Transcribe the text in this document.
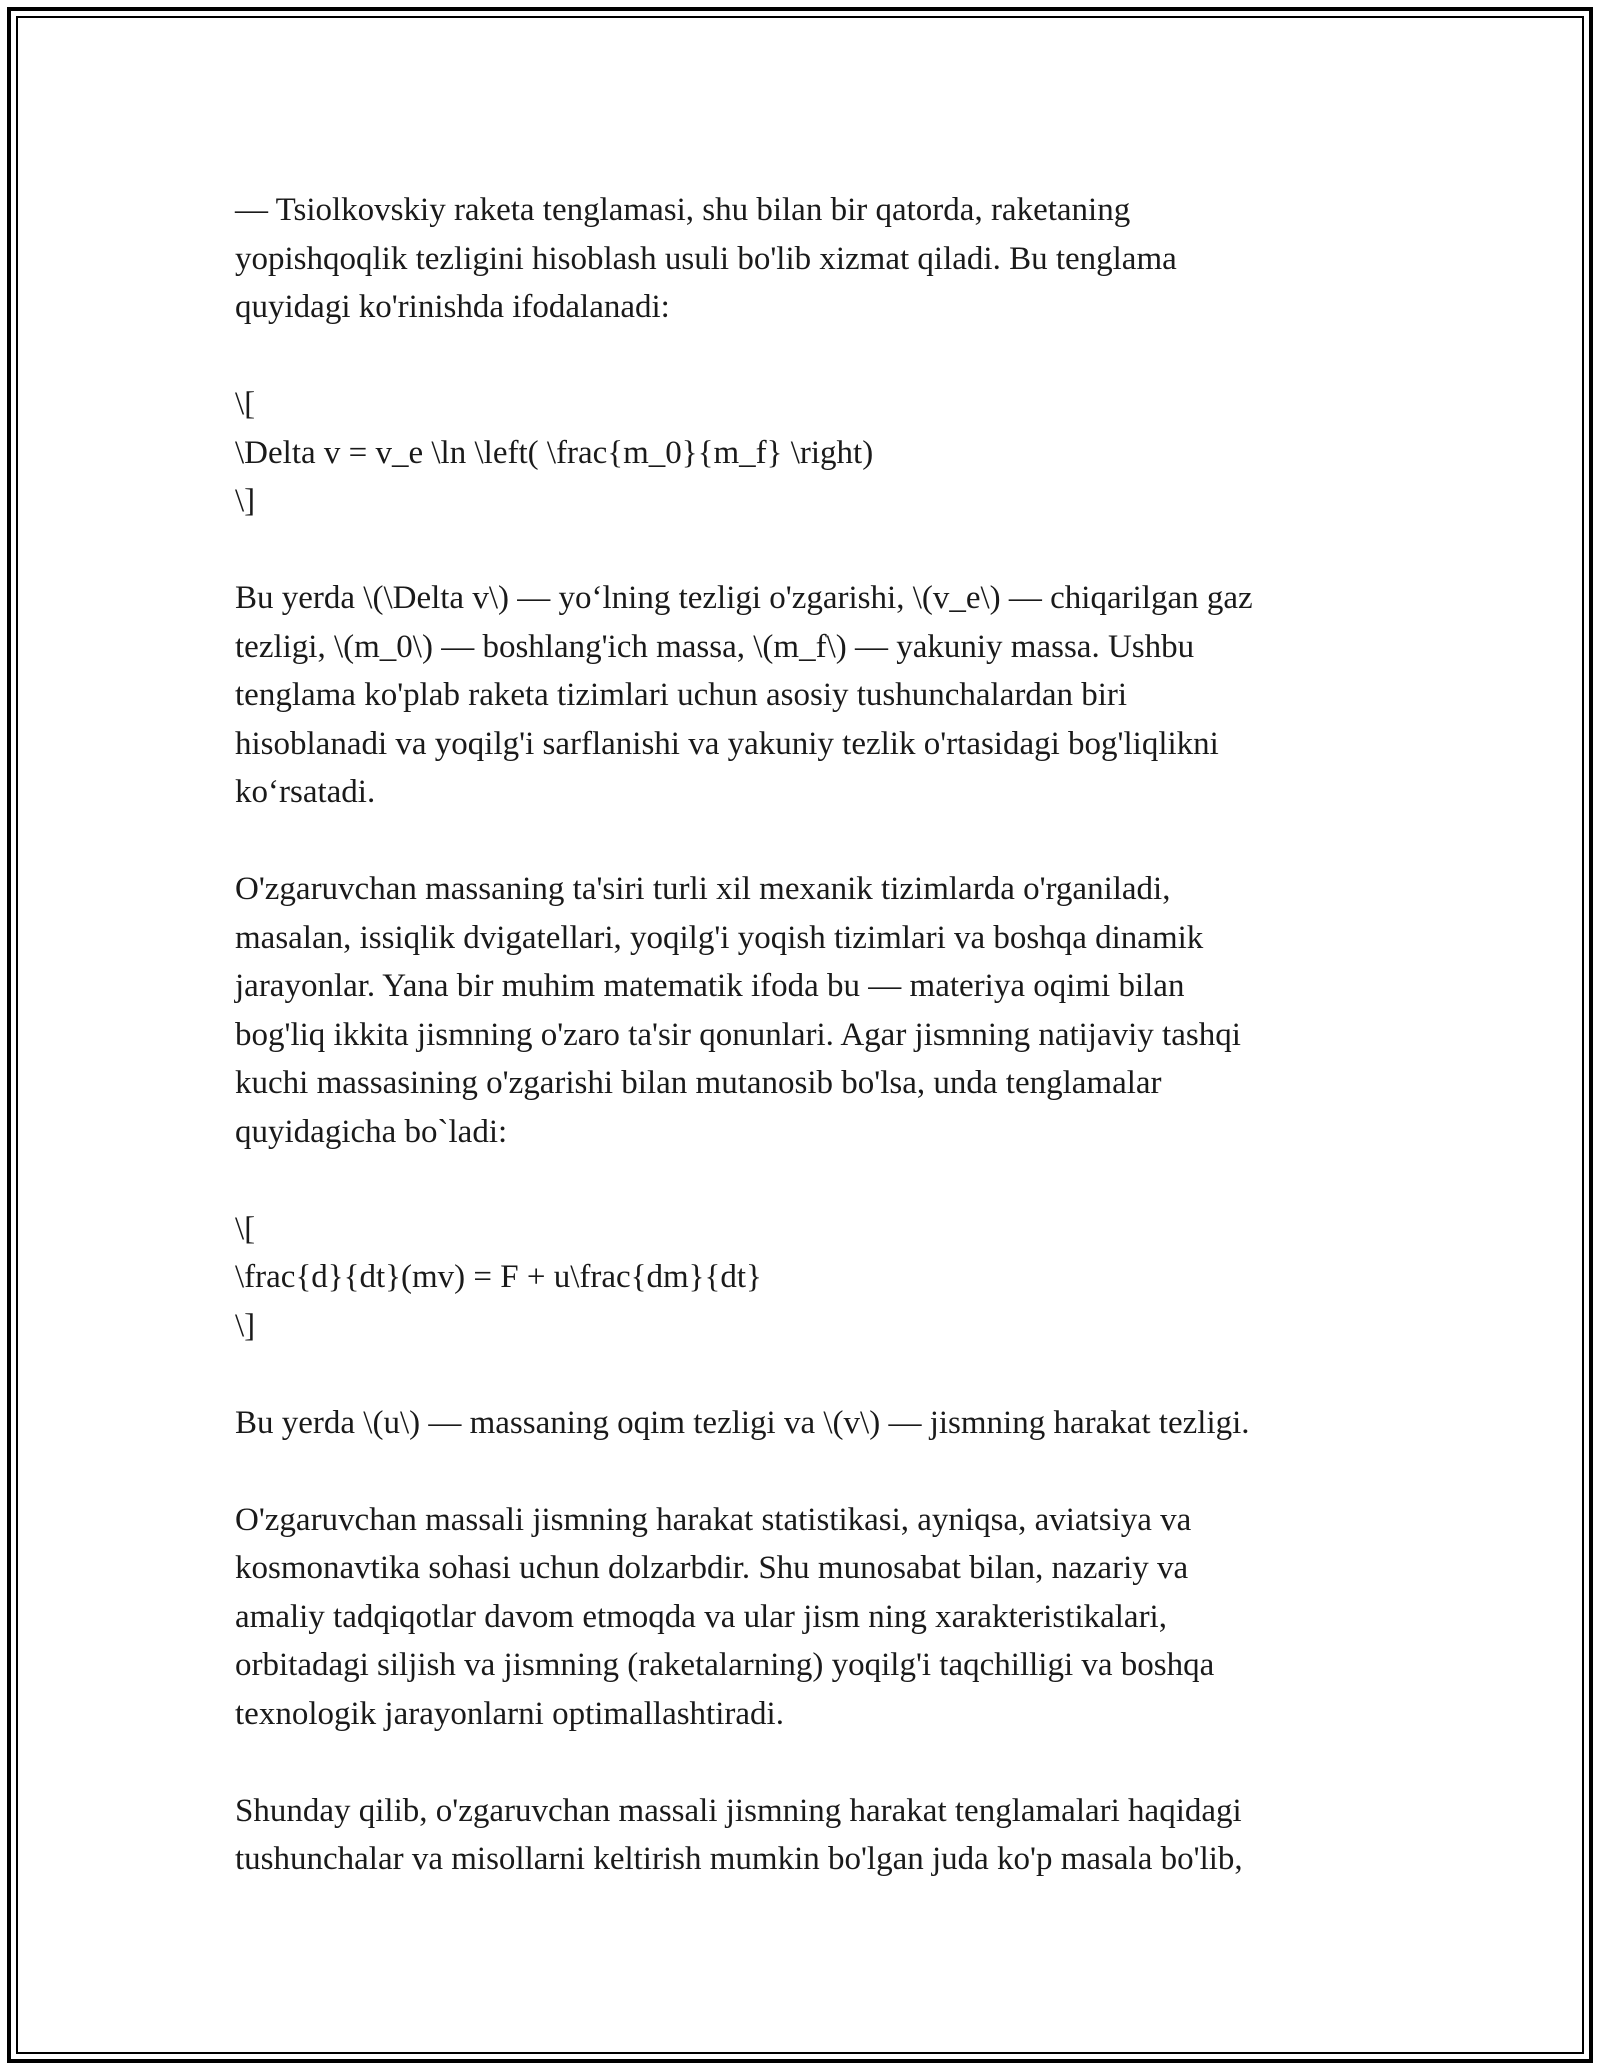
— Tsiolkovskiy raketa tenglamasi, shu bilan bir qatorda, raketaning
yopishqoqlik tezligini hisoblash usuli bo'lib xizmat qiladi. Bu tenglama
quyidagi ko'rinishda ifodalanadi:

\[
\Delta v = v_e \ln \left( \frac{m_0}{m_f} \right)
\]

Bu yerda \(\Delta v\) — yo‘lning tezligi o'zgarishi, \(v_e\) — chiqarilgan gaz
tezligi, \(m_0\) — boshlang'ich massa, \(m_f\) — yakuniy massa. Ushbu
tenglama ko'plab raketa tizimlari uchun asosiy tushunchalardan biri
hisoblanadi va yoqilg'i sarflanishi va yakuniy tezlik o'rtasidagi bog'liqlikni
ko‘rsatadi.

O'zgaruvchan massaning ta'siri turli xil mexanik tizimlarda o'rganiladi,
masalan, issiqlik dvigatellari, yoqilg'i yoqish tizimlari va boshqa dinamik
jarayonlar. Yana bir muhim matematik ifoda bu — materiya oqimi bilan
bog'liq ikkita jismning o'zaro ta'sir qonunlari. Agar jismning natijaviy tashqi
kuchi massasining o'zgarishi bilan mutanosib bo'lsa, unda tenglamalar
quyidagicha bo`ladi:

\[
\frac{d}{dt}(mv) = F + u\frac{dm}{dt}
\]

Bu yerda \(u\) — massaning oqim tezligi va \(v\) — jismning harakat tezligi.

O'zgaruvchan massali jismning harakat statistikasi, ayniqsa, aviatsiya va
kosmonavtika sohasi uchun dolzarbdir. Shu munosabat bilan, nazariy va
amaliy tadqiqotlar davom etmoqda va ular jism ning xarakteristikalari,
orbitadagi siljish va jismning (raketalarning) yoqilg'i taqchilligi va boshqa
texnologik jarayonlarni optimallashtiradi.

Shunday qilib, o'zgaruvchan massali jismning harakat tenglamalari haqidagi
tushunchalar va misollarni keltirish mumkin bo'lgan juda ko'p masala bo'lib,
